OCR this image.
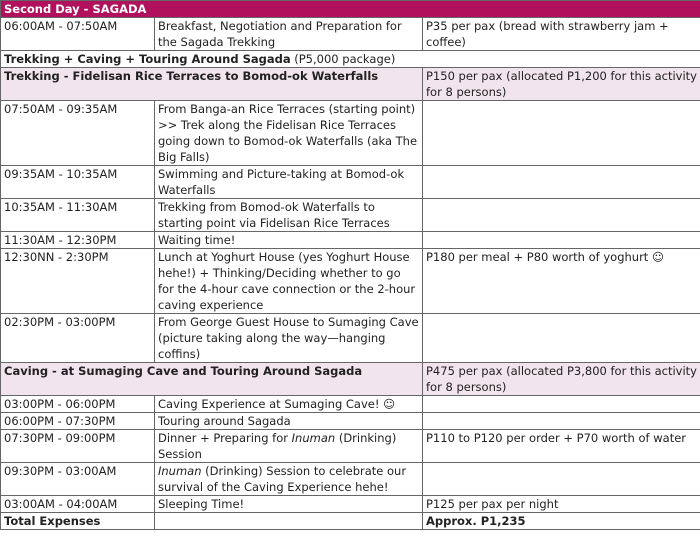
Second Day - SAGADA		
06:00AM - 07:50AM	Breakfast, Negotiation and Preparation for the Sagada Trekking	P35 per pax (bread with strawberry jam + coffee)
Trekking + Caving + Touring Around Sagada (P5,000 package)		
Trekking - Fidelisan Rice Terraces to Bomod-ok Waterfalls		P150 per pax (allocated P1,200 for this activity for 8 persons)
07:50AM - 09:35AM	From Banga-an Rice Terraces (starting point) >> Trek along the Fidelisan Rice Terraces going down to Bomod-ok Waterfalls (aka The Big Falls)	
09:35AM - 10:35AM	Swimming and Picture-taking at Bomod-ok Waterfalls	
10:35AM - 11:30AM	Trekking from Bomod-ok Waterfalls to starting point via Fidelisan Rice Terraces	
11:30AM - 12:30PM	Waiting time!	
12:30NN - 2:30PM	Lunch at Yoghurt House (yes Yoghurt House hehe!) + Thinking/Deciding whether to go for the 4-hour cave connection or the 2-hour caving experience	P180 per meal + P80 worth of yoghurt ☺
02:30PM - 03:00PM	From George Guest House to Sumaging Cave (picture taking along the way—hanging coffins)	
Caving - at Sumaging Cave and Touring Around Sagada		P475 per pax (allocated P3,800 for this activity for 8 persons)
03:00PM - 06:00PM	Caving Experience at Sumaging Cave! ☺	
06:00PM - 07:30PM	Touring around Sagada	
07:30PM - 09:00PM	Dinner + Preparing for Inuman (Drinking) Session	P110 to P120 per order + P70 worth of water
09:30PM - 03:00AM	Inuman (Drinking) Session to celebrate our survival of the Caving Experience hehe!	
03:00AM - 04:00AM	Sleeping Time!	P125 per pax per night
Total Expenses		Approx. P1,235
